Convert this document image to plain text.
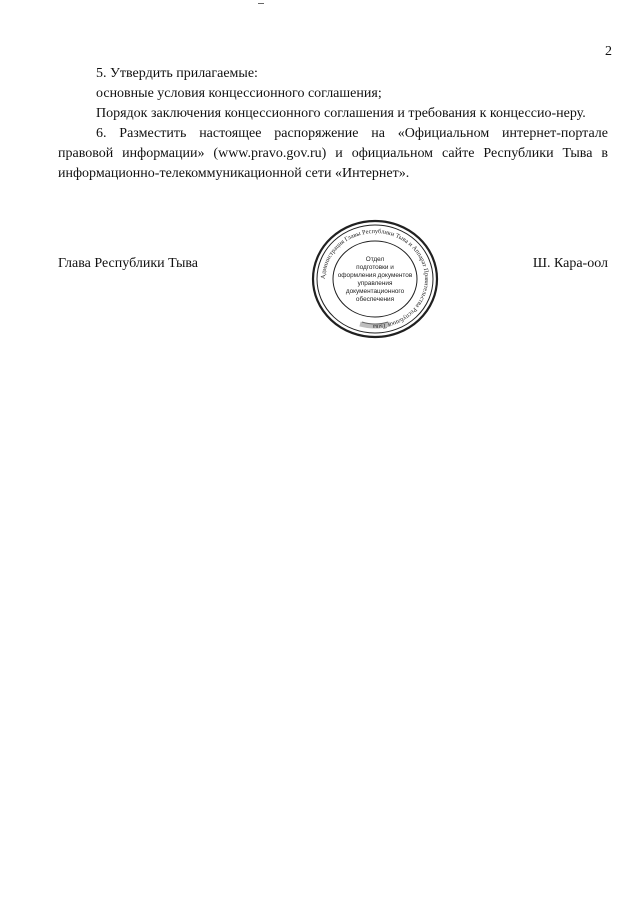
2

5. Утвердить прилагаемые:

основные условия концессионного соглашения;

Порядок заключения концессионного соглашения и требования к концессио-неру.

6. Разместить настоящее распоряжение на «Официальном интернет-портале правовой информации» (www.pravo.gov.ru) и официальном сайте Республики Тыва в информационно-телекоммуникационной сети «Интернет».

Глава Республики Тыва	Ш. Кара-оол
Администрация Главы Республики Тыва и Аппарат Правительства Республики Тыва
Отдел
подготовки и
оформления документов
управления
документационного
обеспечения
